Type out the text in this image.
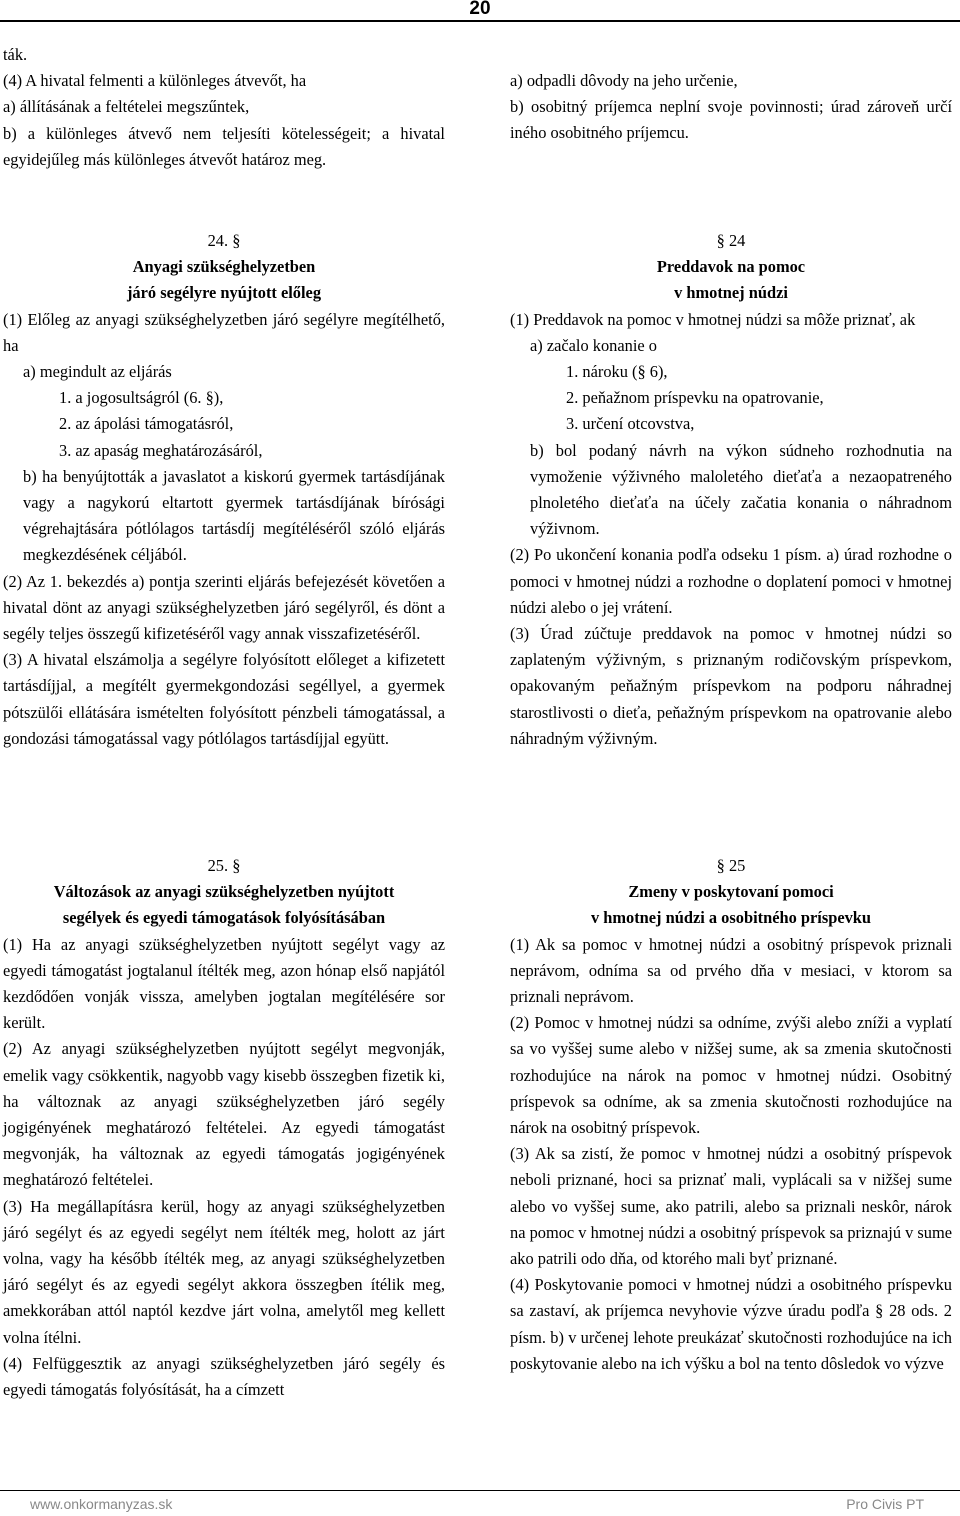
20

ták.

(4) A hivatal felmenti a különleges átvevőt, ha

a) állításának a feltételei megszűntek,

b) a különleges átvevő nem teljesíti kötelességeit; a hivatal egyidejűleg más különleges átvevőt határoz meg.

a) odpadli dôvody na jeho určenie,

b) osobitný príjemca neplní svoje povinnosti; úrad zároveň určí iného osobitného príjemcu.

24. §

Anyagi szükséghelyzetben

járó segélyre nyújtott előleg

(1) Előleg az anyagi szükséghelyzetben járó segélyre megítélhető, ha

a) megindult az eljárás

1. a jogosultságról (6. §),

2. az ápolási támogatásról,

3. az apaság meghatározásáról,

b) ha benyújtották a javaslatot a kiskorú gyermek tartásdíjának vagy a nagykorú eltartott gyermek tartásdíjának bírósági végrehajtására pótlólagos tartásdíj megítéléséről szóló eljárás megkezdésének céljából.

(2) Az 1. bekezdés a) pontja szerinti eljárás befejezését követően a hivatal dönt az anyagi szükséghelyzetben járó segélyről, és dönt a segély teljes összegű kifizetéséről vagy annak visszafizetéséről.

(3) A hivatal elszámolja a segélyre folyósított előleget a kifizetett tartásdíjjal, a megítélt gyermekgondozási segéllyel, a gyermek pótszülői ellátására ismételten folyósított pénzbeli támogatással, a gondozási támogatással vagy pótlólagos tartásdíjjal együtt.

§ 24

Preddavok na pomoc

v hmotnej núdzi

(1) Preddavok na pomoc v hmotnej núdzi sa môže priznať, ak

a) začalo konanie o

1. nároku (§ 6),

2. peňažnom príspevku na opatrovanie,

3. určení otcovstva,

b) bol podaný návrh na výkon súdneho rozhodnutia na vymoženie výživného maloletého dieťaťa a nezaopatreného plnoletého dieťaťa na účely začatia konania o náhradnom výživnom.

(2) Po ukončení konania podľa odseku 1 písm. a) úrad rozhodne o pomoci v hmotnej núdzi a rozhodne o doplatení pomoci v hmotnej núdzi alebo o jej vrátení.

(3) Úrad zúčtuje preddavok na pomoc v hmotnej núdzi so zaplateným výživným, s priznaným rodičovským príspevkom, opakovaným peňažným príspevkom na podporu náhradnej starostlivosti o dieťa, peňažným príspevkom na opatrovanie alebo náhradným výživným.

25. §

Változások az anyagi szükséghelyzetben nyújtott

segélyek és egyedi támogatások folyósításában

(1) Ha az anyagi szükséghelyzetben nyújtott segélyt vagy az egyedi támogatást jogtalanul ítélték meg, azon hónap első napjától kezdődően vonják vissza, amelyben jogtalan megítélésére sor került.

(2) Az anyagi szükséghelyzetben nyújtott segélyt megvonják, emelik vagy csökkentik, nagyobb vagy kisebb összegben fizetik ki, ha változnak az anyagi szükséghelyzetben járó segély jogigényének meghatározó feltételei. Az egyedi támogatást megvonják, ha változnak az egyedi támogatás jogigényének meghatározó feltételei.

(3) Ha megállapításra kerül, hogy az anyagi szükséghelyzetben járó segélyt és az egyedi segélyt nem ítélték meg, holott az járt volna, vagy ha később ítélték meg, az anyagi szükséghelyzetben járó segélyt és az egyedi segélyt akkora összegben ítélik meg, amekkorában attól naptól kezdve járt volna, amelytől meg kellett volna ítélni.

(4) Felfüggesztik az anyagi szükséghelyzetben járó segély és egyedi támogatás folyósítását, ha a címzett

§ 25

Zmeny v poskytovaní pomoci

v hmotnej núdzi a osobitného príspevku

(1) Ak sa pomoc v hmotnej núdzi a osobitný príspevok priznali neprávom, odníma sa od prvého dňa v mesiaci, v ktorom sa priznali neprávom.

(2) Pomoc v hmotnej núdzi sa odníme, zvýši alebo zníži a vyplatí sa vo vyššej sume alebo v nižšej sume, ak sa zmenia skutočnosti rozhodujúce na nárok na pomoc v hmotnej núdzi. Osobitný príspevok sa odníme, ak sa zmenia skutočnosti rozhodujúce na nárok na osobitný príspevok.

(3) Ak sa zistí, že pomoc v hmotnej núdzi a osobitný príspevok neboli priznané, hoci sa priznať mali, vyplácali sa v nižšej sume alebo vo vyššej sume, ako patrili, alebo sa priznali neskôr, nárok na pomoc v hmotnej núdzi a osobitný príspevok sa priznajú v sume ako patrili odo dňa, od ktorého mali byť priznané.

(4) Poskytovanie pomoci v hmotnej núdzi a osobitného príspevku sa zastaví, ak príjemca nevyhovie výzve úradu podľa § 28 ods. 2 písm. b) v určenej lehote preukázať skutočnosti rozhodujúce na ich poskytovanie alebo na ich výšku a bol na tento dôsledok vo výzve

www.onkormanyzas.sk	Pro Civis PT
